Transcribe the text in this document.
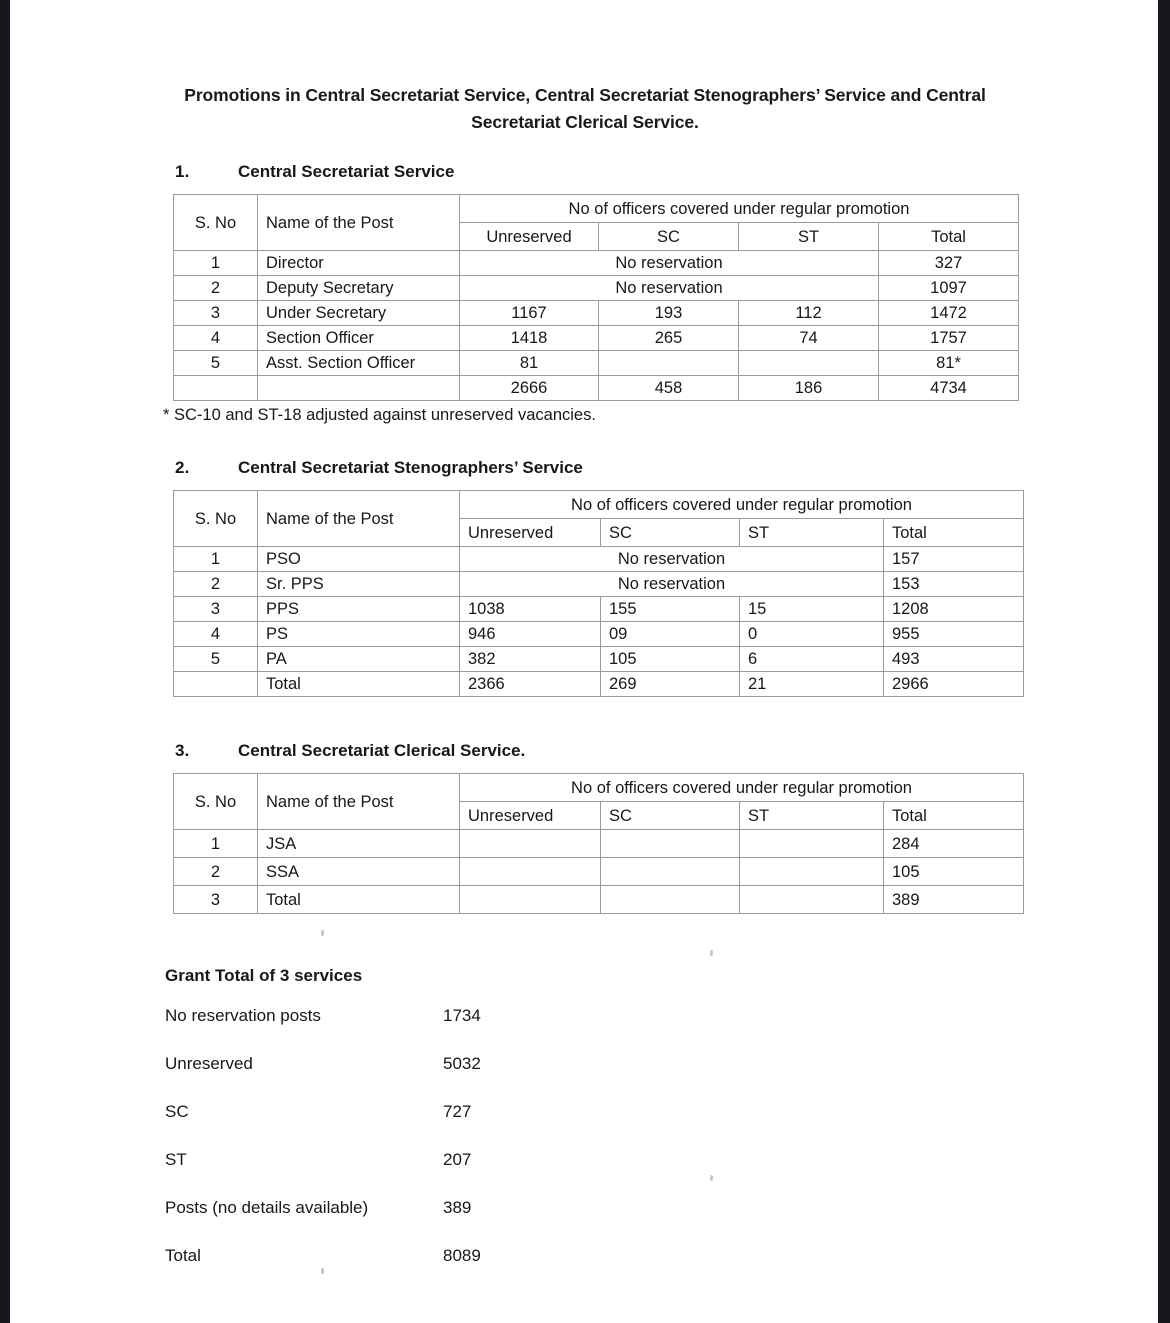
Promotions in Central Secretariat Service, Central Secretariat Stenographers’ Service and Central Secretariat Clerical Service.
1.	Central Secretariat Service
S. No	Name of the Post	No of officers covered under regular promotion			
		Unreserved	SC	ST	Total
1	Director	No reservation			327
2	Deputy Secretary	No reservation			1097
3	Under Secretary	1167	193	112	1472
4	Section Officer	1418	265	74	1757
5	Asst. Section Officer	81			81*
		2666	458	186	4734
* SC-10 and ST-18 adjusted against unreserved vacancies.
2.	Central Secretariat Stenographers’ Service
S. No	Name of the Post	No of officers covered under regular promotion			
		Unreserved	SC	ST	Total
1	PSO	No reservation			157
2	Sr. PPS	No reservation			153
3	PPS	1038	155	15	1208
4	PS	946	09	0	955
5	PA	382	105	6	493
	Total	2366	269	21	2966
3.	Central Secretariat Clerical Service.
S. No	Name of the Post	No of officers covered under regular promotion			
		Unreserved	SC	ST	Total
1	JSA				284
2	SSA				105
3	Total				389
Grant Total of 3 services
No reservation posts	1734
Unreserved	5032
SC	727
ST	207
Posts (no details available)	389
Total	8089
